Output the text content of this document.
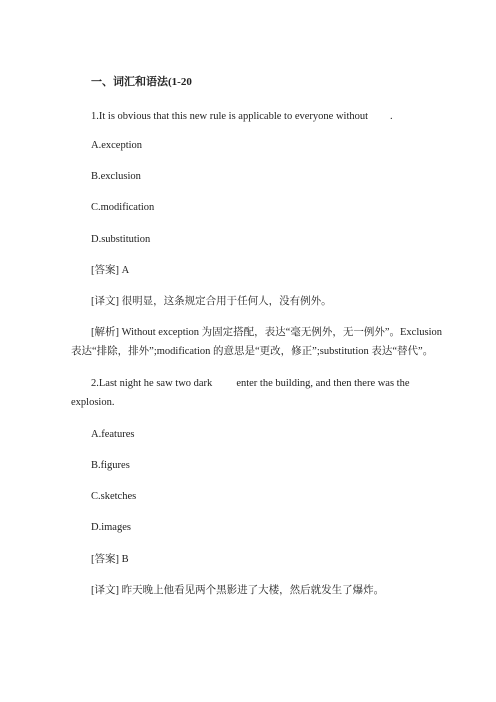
一、词汇和语法(1-20
1.It is obvious that this new rule is applicable to everyone without .
A.exception
B.exclusion
C.modification
D.substitution
[答案] A
[译文] 很明显，这条规定合用于任何人，没有例外。
[解析] Without exception 为固定搭配，表达“毫无例外，无一例外”。Exclusion
表达“排除，排外”;modification 的意思是“更改，修正”;substitution 表达“替代”。
2.Last night he saw two dark enter the building, and then there was the
explosion.
A.features
B.figures
C.sketches
D.images
[答案] B
[译文] 昨天晚上他看见两个黑影进了大楼，然后就发生了爆炸。
